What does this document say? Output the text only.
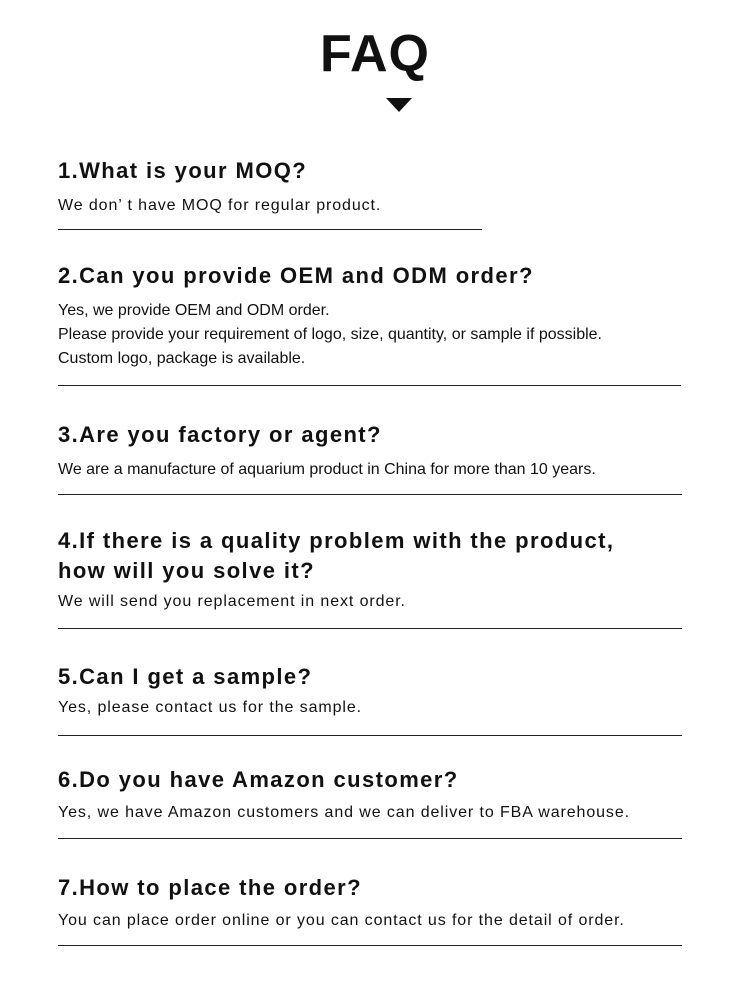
FAQ
1.What is your MOQ?

We don’ t have MOQ for regular product.

2.Can you provide OEM and ODM order?

Yes, we provide OEM and ODM order.
Please provide your requirement of logo, size, quantity, or sample if possible.
Custom logo, package is available.

3.Are you factory or agent?

We are a manufacture of aquarium product in China for more than 10 years.

4.If there is a quality problem with the product,
how will you solve it?

We will send you replacement in next order.

5.Can I get a sample?

Yes, please contact us for the sample.

6.Do you have Amazon customer?

Yes, we have Amazon customers and we can deliver to FBA warehouse.

7.How to place the order?

You can place order online or you can contact us for the detail of order.
